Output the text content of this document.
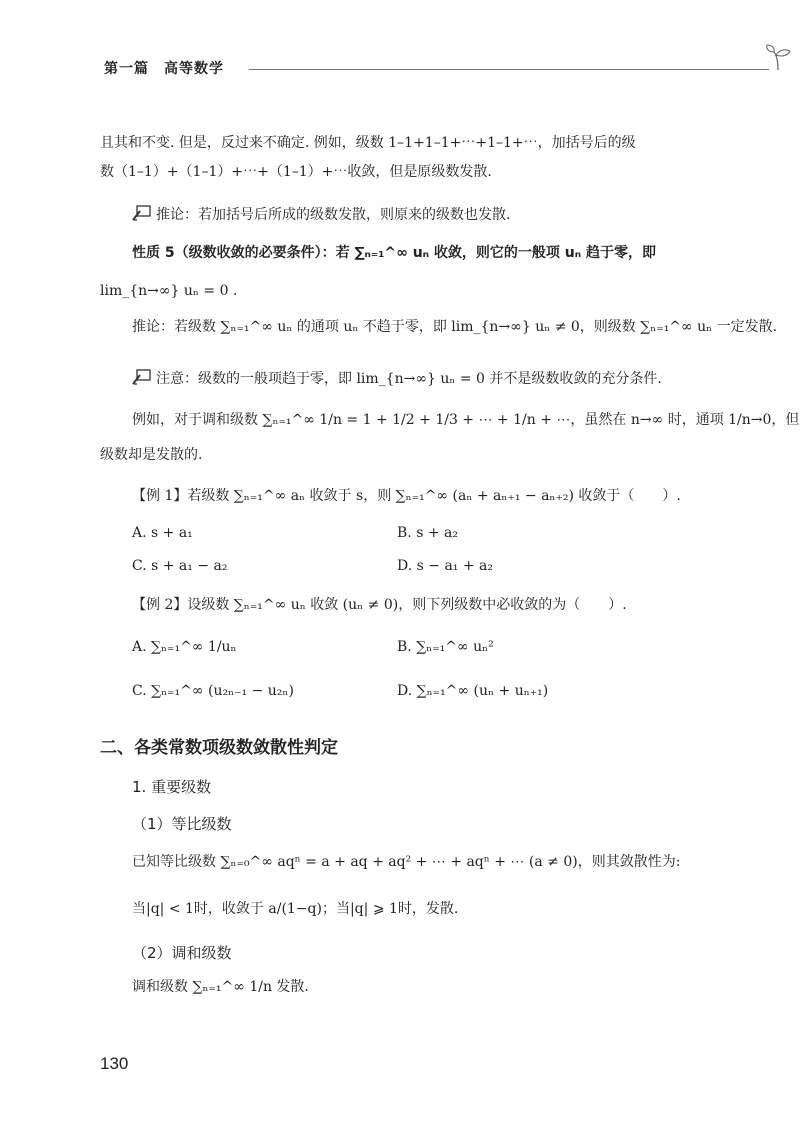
第一篇　高等数学
且其和不变. 但是，反过来不确定. 例如，级数 1–1+1–1+⋯+1–1+⋯，加括号后的级
数（1–1）+（1–1）+⋯+（1–1）+⋯收敛，但是原级数发散.
推论：若加括号后所成的级数发散，则原来的级数也发散.
性质 5（级数收敛的必要条件）：若 ∑ₙ₌₁^∞ uₙ 收敛，则它的一般项 uₙ 趋于零，即
lim_{n→∞} uₙ = 0 .
推论：若级数 ∑ₙ₌₁^∞ uₙ 的通项 uₙ 不趋于零，即 lim_{n→∞} uₙ ≠ 0，则级数 ∑ₙ₌₁^∞ uₙ 一定发散.
注意：级数的一般项趋于零，即 lim_{n→∞} uₙ = 0 并不是级数收敛的充分条件.
例如，对于调和级数 ∑ₙ₌₁^∞ 1/n = 1 + 1/2 + 1/3 + ⋯ + 1/n + ⋯，虽然在 n→∞ 时，通项 1/n→0，但
级数却是发散的.
【例 1】若级数 ∑ₙ₌₁^∞ aₙ 收敛于 s，则 ∑ₙ₌₁^∞ (aₙ + aₙ₊₁ − aₙ₊₂) 收敛于（　　）.
A. s + a₁	B. s + a₂
C. s + a₁ − a₂	D. s − a₁ + a₂
【例 2】设级数 ∑ₙ₌₁^∞ uₙ 收敛 (uₙ ≠ 0)，则下列级数中必收敛的为（　　）.
A. ∑ₙ₌₁^∞ 1/uₙ	B. ∑ₙ₌₁^∞ uₙ²
C. ∑ₙ₌₁^∞ (u₂ₙ₋₁ − u₂ₙ)	D. ∑ₙ₌₁^∞ (uₙ + uₙ₊₁)
二、各类常数项级数敛散性判定
1. 重要级数
（1）等比级数
已知等比级数 ∑ₙ₌₀^∞ aqⁿ = a + aq + aq² + ⋯ + aqⁿ + ⋯ (a ≠ 0)，则其敛散性为:
当|q| < 1时，收敛于 a/(1−q)；当|q| ⩾ 1时，发散.
（2）调和级数
调和级数 ∑ₙ₌₁^∞ 1/n 发散.
130
